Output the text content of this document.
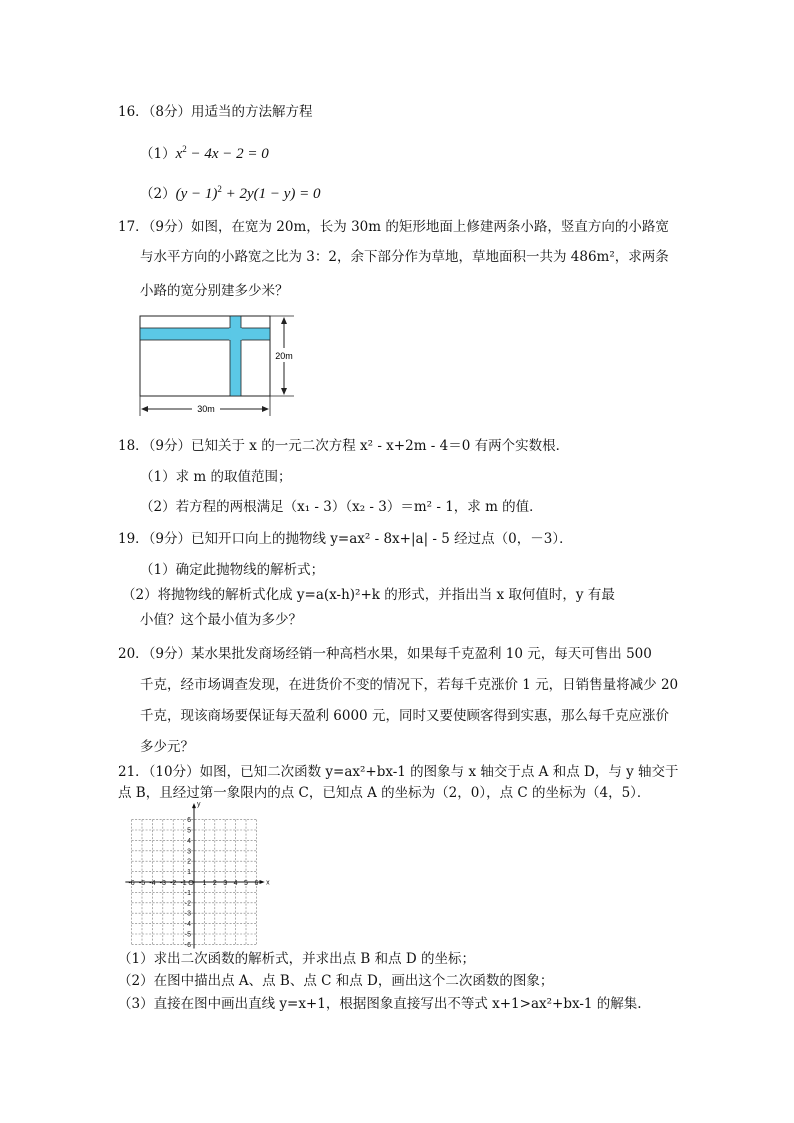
16．（8分）用适当的方法解方程
$(1)x^2 - 4x - 2 = 0$
$(2)(y - 1)^2 + 2y(1 - y) = 0$
17．（9分）如图，在宽为 20m，长为 30m 的矩形地面上修建两条小路，竖直方向的小路宽
与水平方向的小路宽之比为 3：2，余下部分作为草地，草地面积一共为 486m²，求两条
小路的宽分别建多少米？
20m
30m
18．（9分）已知关于 x 的一元二次方程 x² - x+2m - 4＝0 有两个实数根．
（1）求 m 的取值范围；
（2）若方程的两根满足（x₁ - 3）（x₂ - 3）＝m² - 1，求 m 的值．
19．（9分）已知开口向上的抛物线 y=ax² - 8x+|a| - 5 经过点（0，－3）．
（1）确定此抛物线的解析式；
（2）将抛物线的解析式化成 y=a(x-h)²+k 的形式，并指出当 x 取何值时，y 有最
小值？这个最小值为多少？
20．（9分）某水果批发商场经销一种高档水果，如果每千克盈利 10 元，每天可售出 500
千克，经市场调查发现，在进货价不变的情况下，若每千克涨价 1 元，日销售量将减少 20
千克，现该商场要保证每天盈利 6000 元，同时又要使顾客得到实惠，那么每千克应涨价
多少元？
21．（10分）如图，已知二次函数 y=ax²+bx-1 的图象与 x 轴交于点 A 和点 D，与 y 轴交于
点 B，且经过第一象限内的点 C，已知点 A 的坐标为（2，0），点 C 的坐标为（4，5）．
x
y
O
-6 -5 -4 -3 -2 -1 1 2 3 4 5 6
6
5
4
3
2
1
-1
-2
-3
-4
-5
-6
（1）求出二次函数的解析式，并求出点 B 和点 D 的坐标；
（2）在图中描出点 A、点 B、点 C 和点 D，画出这个二次函数的图象；
（3）直接在图中画出直线 y=x+1，根据图象直接写出不等式 x+1>ax²+bx-1 的解集.
